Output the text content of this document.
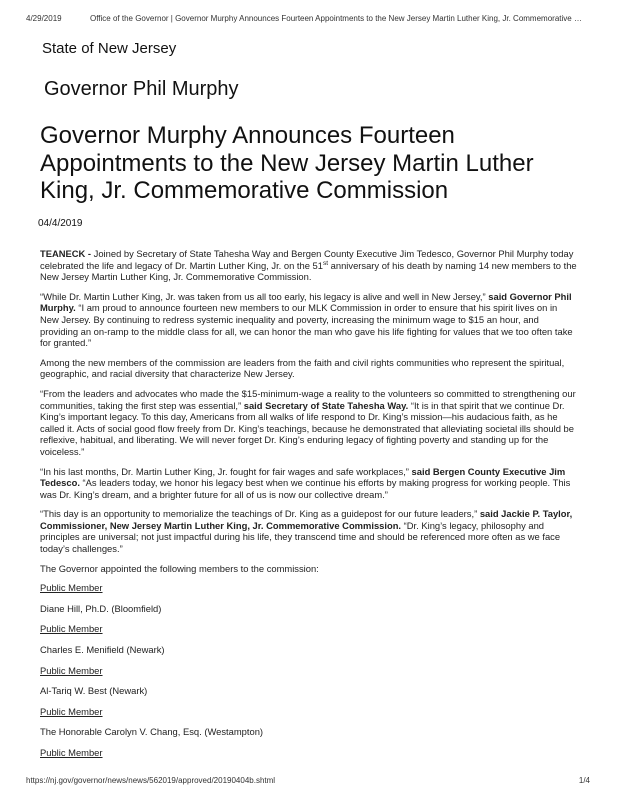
4/29/2019	Office of the Governor | Governor Murphy Announces Fourteen Appointments to the New Jersey Martin Luther King, Jr. Commemorative …
State of New Jersey
Governor Phil Murphy
Governor Murphy Announces Fourteen Appointments to the New Jersey Martin Luther King, Jr. Commemorative Commission
04/4/2019

TEANECK - Joined by Secretary of State Tahesha Way and Bergen County Executive Jim Tedesco, Governor Phil Murphy today celebrated the life and legacy of Dr. Martin Luther King, Jr. on the 51st anniversary of his death by naming 14 new members to the New Jersey Martin Luther King, Jr. Commemorative Commission.

“While Dr. Martin Luther King, Jr. was taken from us all too early, his legacy is alive and well in New Jersey,” said Governor Phil Murphy. “I am proud to announce fourteen new members to our MLK Commission in order to ensure that his spirit lives on in New Jersey. By continuing to redress systemic inequality and poverty, increasing the minimum wage to $15 an hour, and providing an on-ramp to the middle class for all, we can honor the man who gave his life fighting for values that we too often take for granted.”

Among the new members of the commission are leaders from the faith and civil rights communities who represent the spiritual, geographic, and racial diversity that characterize New Jersey.

“From the leaders and advocates who made the $15-minimum-wage a reality to the volunteers so committed to strengthening our communities, taking the first step was essential,” said Secretary of State Tahesha Way. “It is in that spirit that we continue Dr. King’s important legacy. To this day, Americans from all walks of life respond to Dr. King’s mission—his audacious faith, as he called it. Acts of social good flow freely from Dr. King’s teachings, because he demonstrated that alleviating societal ills should be reflexive, habitual, and liberating. We will never forget Dr. King’s enduring legacy of fighting poverty and standing up for the voiceless.”

“In his last months, Dr. Martin Luther King, Jr. fought for fair wages and safe workplaces,” said Bergen County Executive Jim Tedesco. “As leaders today, we honor his legacy best when we continue his efforts by making progress for working people. This was Dr. King’s dream, and a brighter future for all of us is now our collective dream.”

“This day is an opportunity to memorialize the teachings of Dr. King as a guidepost for our future leaders,” said Jackie P. Taylor, Commissioner, New Jersey Martin Luther King, Jr. Commemorative Commission. “Dr. King’s legacy, philosophy and principles are universal; not just impactful during his life, they transcend time and should be referenced more often as we face today’s challenges.”

The Governor appointed the following members to the commission:

Public Member

Diane Hill, Ph.D. (Bloomfield)

Public Member

Charles E. Menifield (Newark)

Public Member

Al-Tariq W. Best (Newark)

Public Member

The Honorable Carolyn V. Chang, Esq. (Westampton)

Public Member

https://nj.gov/governor/news/news/562019/approved/20190404b.shtml	1/4
